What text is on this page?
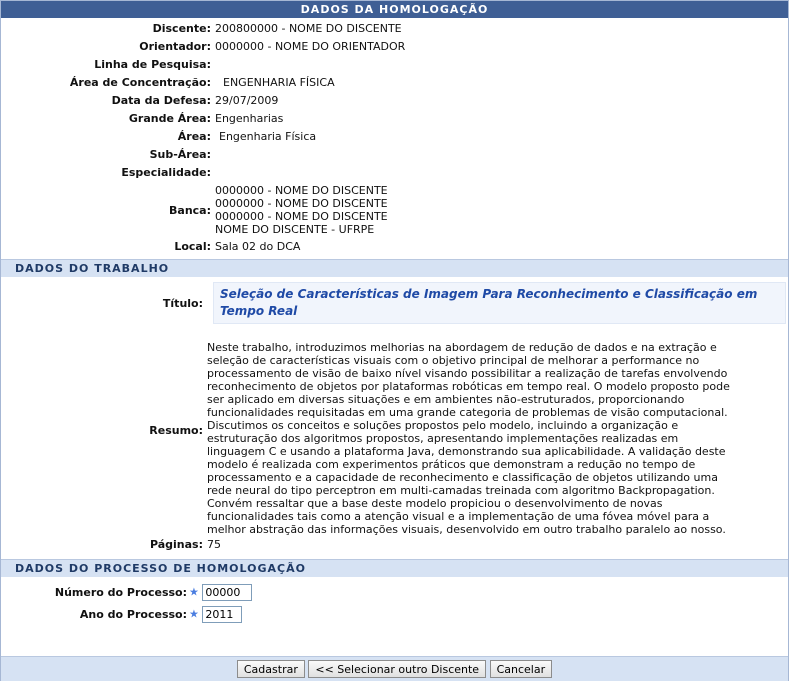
DADOS DA HOMOLOGAÇÃO
Discente:	200800000 - NOME DO DISCENTE
Orientador:	0000000 - NOME DO ORIENTADOR
Linha de Pesquisa:	
Área de Concentração:	ENGENHARIA FÍSICA
Data da Defesa:	29/07/2009
Grande Área:	Engenharias
Área:	Engenharia Física
Sub-Área:	
Especialidade:	
Banca:	0000000 - NOME DO DISCENTE
0000000 - NOME DO DISCENTE
0000000 - NOME DO DISCENTE
NOME DO DISCENTE - UFRPE

Local:	Sala 02 do DCA
DADOS DO TRABALHO
Título:	Seleção de Características de Imagem Para Reconhecimento e Classificação em Tempo Real

Resumo:	Neste trabalho, introduzimos melhorias na abordagem de redução de dados e na extração e seleção de características visuais com o objetivo principal de melhorar a performance no processamento de visão de baixo nível visando possibilitar a realização de tarefas envolvendo reconhecimento de objetos por plataformas robóticas em tempo real. O modelo proposto pode ser aplicado em diversas situações e em ambientes não-estruturados, proporcionando funcionalidades requisitadas em uma grande categoria de problemas de visão computacional. Discutimos os conceitos e soluções propostos pelo modelo, incluindo a organização e estruturação dos algoritmos propostos, apresentando implementações realizadas em linguagem C e usando a plataforma Java, demonstrando sua aplicabilidade. A validação deste modelo é realizada com experimentos práticos que demonstram a redução no tempo de processamento e a capacidade de reconhecimento e classificação de objetos utilizando uma rede neural do tipo perceptron em multi-camadas treinada com algoritmo Backpropagation. Convém ressaltar que a base deste modelo propiciou o desenvolvimento de novas funcionalidades tais como a atenção visual e a implementação de uma fóvea móvel para a melhor abstração das informações visuais, desenvolvido em outro trabalho paralelo ao nosso.

Páginas:	75
DADOS DO PROCESSO DE HOMOLOGAÇÃO
Número do Processo:	★ 00000
Ano do Processo:	★ 2011
Cadastrar << Selecionar outro Discente Cancelar
